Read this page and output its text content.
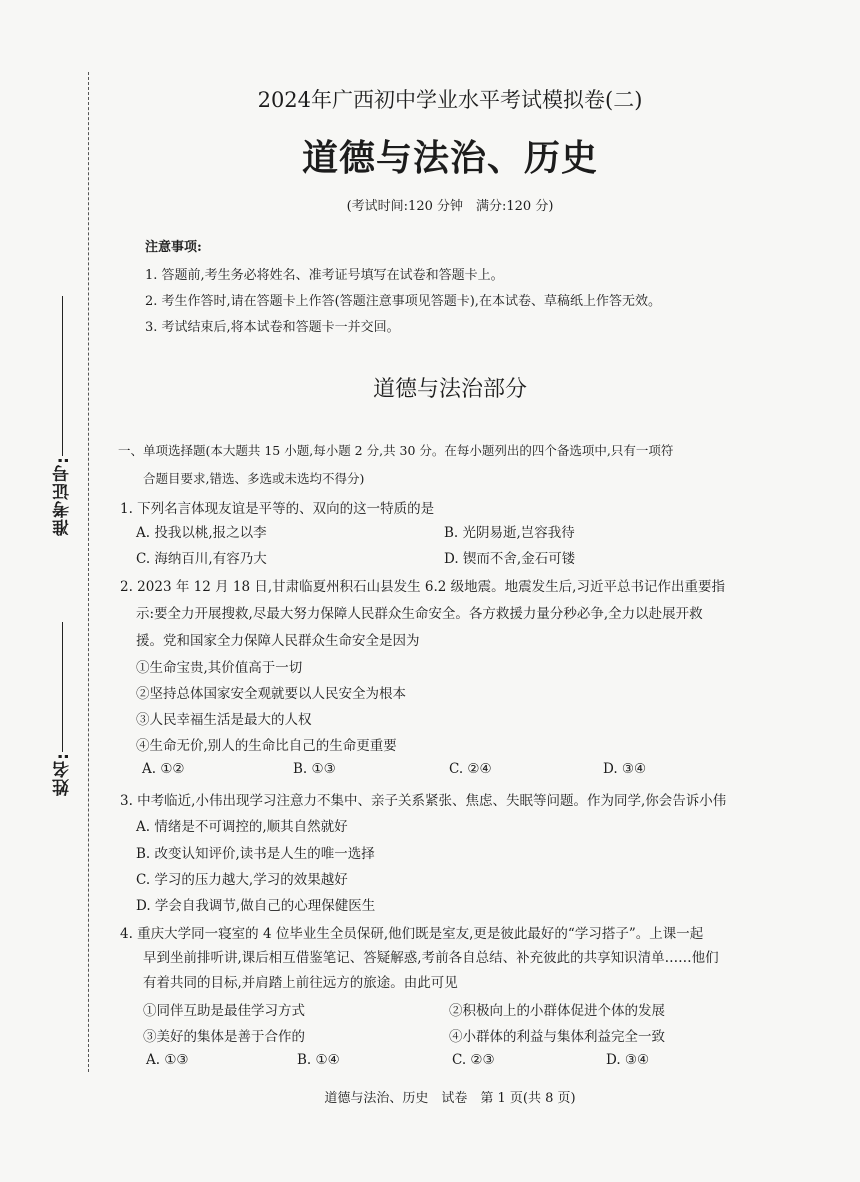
准考证号:
姓名:
2024年广西初中学业水平考试模拟卷(二)
道德与法治、历史
(考试时间:120 分钟　满分:120 分)
注意事项:
1. 答题前,考生务必将姓名、准考证号填写在试卷和答题卡上。
2. 考生作答时,请在答题卡上作答(答题注意事项见答题卡),在本试卷、草稿纸上作答无效。
3. 考试结束后,将本试卷和答题卡一并交回。
道德与法治部分
一、单项选择题(本大题共 15 小题,每小题 2 分,共 30 分。在每小题列出的四个备选项中,只有一项符
合题目要求,错选、多选或未选均不得分)
1. 下列名言体现友谊是平等的、双向的这一特质的是
A. 投我以桃,报之以李	B. 光阴易逝,岂容我待
C. 海纳百川,有容乃大	D. 锲而不舍,金石可镂
2. 2023 年 12 月 18 日,甘肃临夏州积石山县发生 6.2 级地震。地震发生后,习近平总书记作出重要指
示:要全力开展搜救,尽最大努力保障人民群众生命安全。各方救援力量分秒必争,全力以赴展开救
援。党和国家全力保障人民群众生命安全是因为
①生命宝贵,其价值高于一切
②坚持总体国家安全观就要以人民安全为根本
③人民幸福生活是最大的人权
④生命无价,别人的生命比自己的生命更重要
A. ①②	B. ①③	C. ②④	D. ③④
3. 中考临近,小伟出现学习注意力不集中、亲子关系紧张、焦虑、失眠等问题。作为同学,你会告诉小伟
A. 情绪是不可调控的,顺其自然就好
B. 改变认知评价,读书是人生的唯一选择
C. 学习的压力越大,学习的效果越好
D. 学会自我调节,做自己的心理保健医生
4. 重庆大学同一寝室的 4 位毕业生全员保研,他们既是室友,更是彼此最好的“学习搭子”。上课一起
早到坐前排听讲,课后相互借鉴笔记、答疑解惑,考前各自总结、补充彼此的共享知识清单……他们
有着共同的目标,并肩踏上前往远方的旅途。由此可见
①同伴互助是最佳学习方式	②积极向上的小群体促进个体的发展
③美好的集体是善于合作的	④小群体的利益与集体利益完全一致
A. ①③	B. ①④	C. ②③	D. ③④
道德与法治、历史　试卷　第 1 页(共 8 页)
